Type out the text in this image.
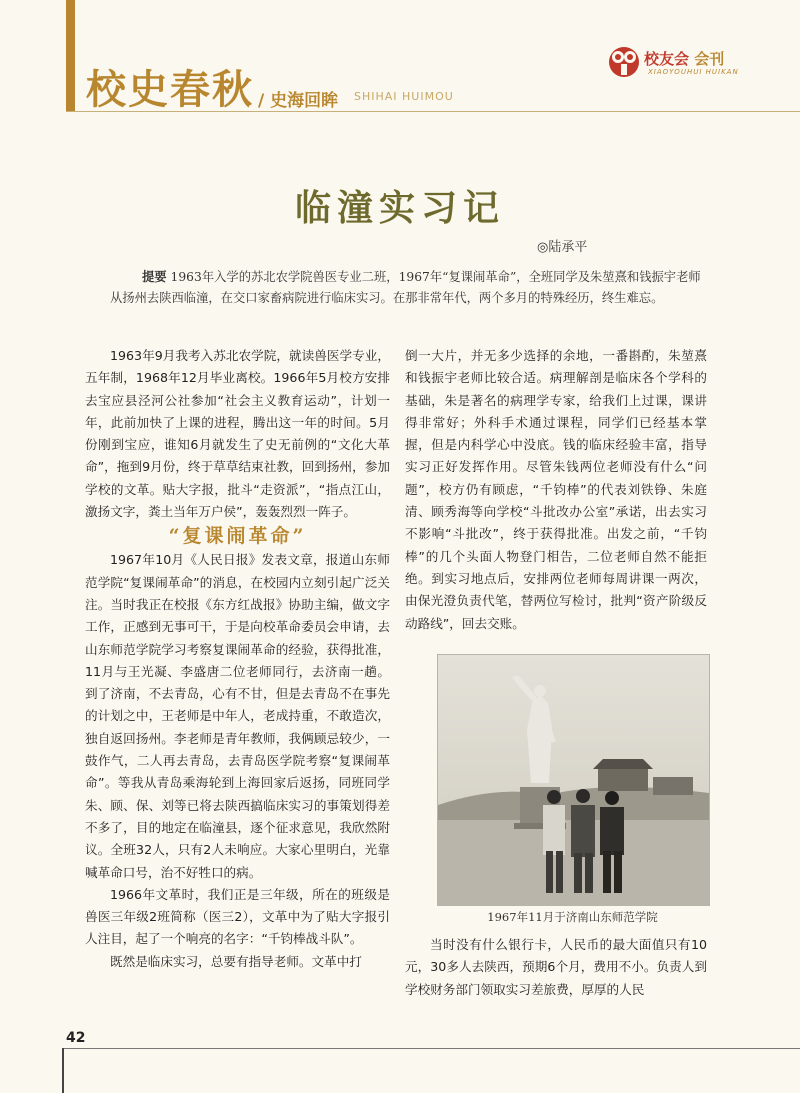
校史春秋 / 史海回眸 SHIHAI HUIMOU
校友会 会刊
XIAOYOUHUI HUIKAN
临潼实习记
◎陆承平
提要 1963年入学的苏北农学院兽医专业二班，1967年“复课闹革命”，全班同学及朱堃熹和钱振宇老师从扬州去陕西临潼，在交口家畜病院进行临床实习。在那非常年代，两个多月的特殊经历，终生难忘。

1963年9月我考入苏北农学院，就读兽医学专业，五年制，1968年12月毕业离校。1966年5月校方安排去宝应县泾河公社参加“社会主义教育运动”，计划一年，此前加快了上课的进程，腾出这一年的时间。5月份刚到宝应，谁知6月就发生了史无前例的“文化大革命”，拖到9月份，终于草草结束社教，回到扬州，参加学校的文革。贴大字报，批斗“走资派”，“指点江山，激扬文字，粪土当年万户侯”，轰轰烈烈一阵子。

“复课闹革命”

1967年10月《人民日报》发表文章，报道山东师范学院“复课闹革命”的消息，在校园内立刻引起广泛关注。当时我正在校报《东方红战报》协助主编，做文字工作，正感到无事可干，于是向校革命委员会申请，去山东师范学院学习考察复课闹革命的经验，获得批准，11月与王光凝、李盛唐二位老师同行，去济南一趟。到了济南，不去青岛，心有不甘，但是去青岛不在事先的计划之中，王老师是中年人，老成持重，不敢造次，独自返回扬州。李老师是青年教师，我俩顾忌较少，一鼓作气，二人再去青岛，去青岛医学院考察“复课闹革命”。等我从青岛乘海轮到上海回家后返扬，同班同学朱、顾、保、刘等已将去陕西搞临床实习的事策划得差不多了，目的地定在临潼县，逐个征求意见，我欣然附议。全班32人，只有2人未响应。大家心里明白，光靠喊革命口号，治不好牲口的病。

1966年文革时，我们正是三年级，所在的班级是兽医三年级2班简称（医三2），文革中为了贴大字报引人注目，起了一个响亮的名字：“千钧棒战斗队”。

既然是临床实习，总要有指导老师。文革中打

倒一大片，并无多少选择的余地，一番斟酌，朱堃熹和钱振宇老师比较合适。病理解剖是临床各个学科的基础，朱是著名的病理学专家，给我们上过课，课讲得非常好；外科手术通过课程，同学们已经基本掌握，但是内科学心中没底。钱的临床经验丰富，指导实习正好发挥作用。尽管朱钱两位老师没有什么“问题”，校方仍有顾虑，“千钧棒”的代表刘铁铮、朱庭清、顾秀海等向学校“斗批改办公室”承诺，出去实习不影响“斗批改”，终于获得批准。出发之前，“千钧棒”的几个头面人物登门相告，二位老师自然不能拒绝。到实习地点后，安排两位老师每周讲课一两次，由保光澄负责代笔，替两位写检讨，批判“资产阶级反动路线”，回去交账。

1967年11月于济南山东师范学院

当时没有什么银行卡，人民币的最大面值只有10元，30多人去陕西，预期6个月，费用不小。负责人到学校财务部门领取实习差旅费，厚厚的人民

42
